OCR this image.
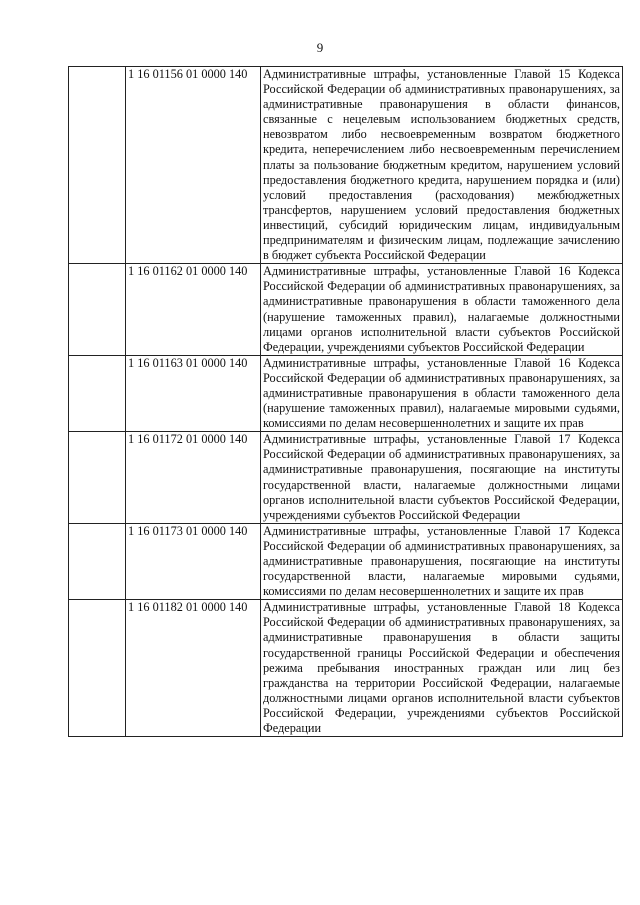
9
	1 16 01156 01 0000 140	Административные штрафы, установленные Главой 15 Кодекса Российской Федерации об административных правонарушениях, за административные правонарушения в области финансов, связанные с нецелевым использованием бюджетных средств, невозвратом либо несвоевременным возвратом бюджетного кредита, неперечислением либо несвоевременным перечислением платы за пользование бюджетным кредитом, нарушением условий предоставления бюджетного кредита, нарушением порядка и (или) условий предоставления (расходования) межбюджетных трансфертов, нарушением условий предоставления бюджетных инвестиций, субсидий юридическим лицам, индивидуальным предпринимателям и физическим лицам, подлежащие зачислению в бюджет субъекта Российской Федерации
	1 16 01162 01 0000 140	Административные штрафы, установленные Главой 16 Кодекса Российской Федерации об административных правонарушениях, за административные правонарушения в области таможенного дела (нарушение таможенных правил), налагаемые должностными лицами органов исполнительной власти субъектов Российской Федерации, учреждениями субъектов Российской Федерации
	1 16 01163 01 0000 140	Административные штрафы, установленные Главой 16 Кодекса Российской Федерации об административных правонарушениях, за административные правонарушения в области таможенного дела (нарушение таможенных правил), налагаемые мировыми судьями, комиссиями по делам несовершеннолетних и защите их прав
	1 16 01172 01 0000 140	Административные штрафы, установленные Главой 17 Кодекса Российской Федерации об административных правонарушениях, за административные правонарушения, посягающие на институты государственной власти, налагаемые должностными лицами органов исполнительной власти субъектов Российской Федерации, учреждениями субъектов Российской Федерации
	1 16 01173 01 0000 140	Административные штрафы, установленные Главой 17 Кодекса Российской Федерации об административных правонарушениях, за административные правонарушения, посягающие на институты государственной власти, налагаемые мировыми судьями, комиссиями по делам несовершеннолетних и защите их прав
	1 16 01182 01 0000 140	Административные штрафы, установленные Главой 18 Кодекса Российской Федерации об административных правонарушениях, за административные правонарушения в области защиты государственной границы Российской Федерации и обеспечения режима пребывания иностранных граждан или лиц без гражданства на территории Российской Федерации, налагаемые должностными лицами органов исполнительной власти субъектов Российской Федерации, учреждениями субъектов Российской Федерации
